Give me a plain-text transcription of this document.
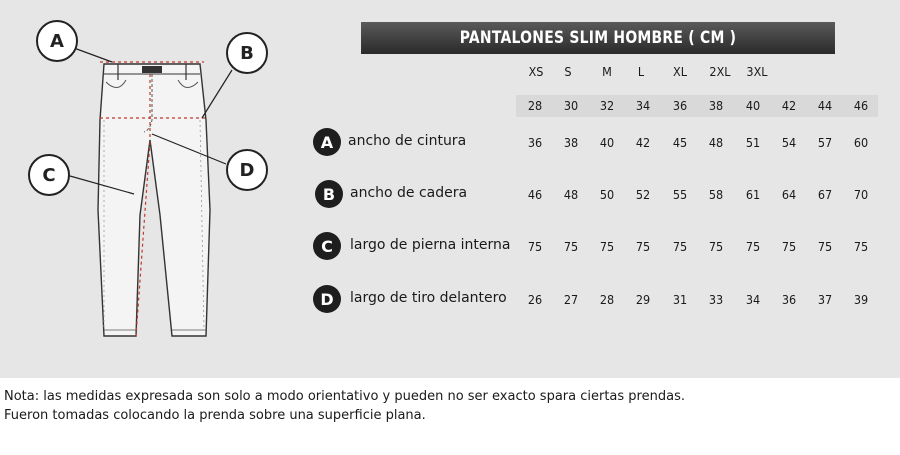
A
B
C	D
PANTALONES SLIM HOMBRE ( CM )
XS	S	M	L	XL	2XL	3XL
28	30	32	34	36	38	40	42	44	46
A	ancho de cintura	36	38	40	42	45	48	51	54	57	60
B	ancho de cadera	46	48	50	52	55	58	61	64	67	70
C	largo de pierna interna	75	75	75	75	75	75	75	75	75	75
D	largo de tiro delantero	26	27	28	29	31	33	34	36	37	39
Nota: las medidas expresada son solo a modo orientativo y pueden no ser exacto spara ciertas prendas.
Fueron tomadas colocando la prenda sobre una superficie plana.
